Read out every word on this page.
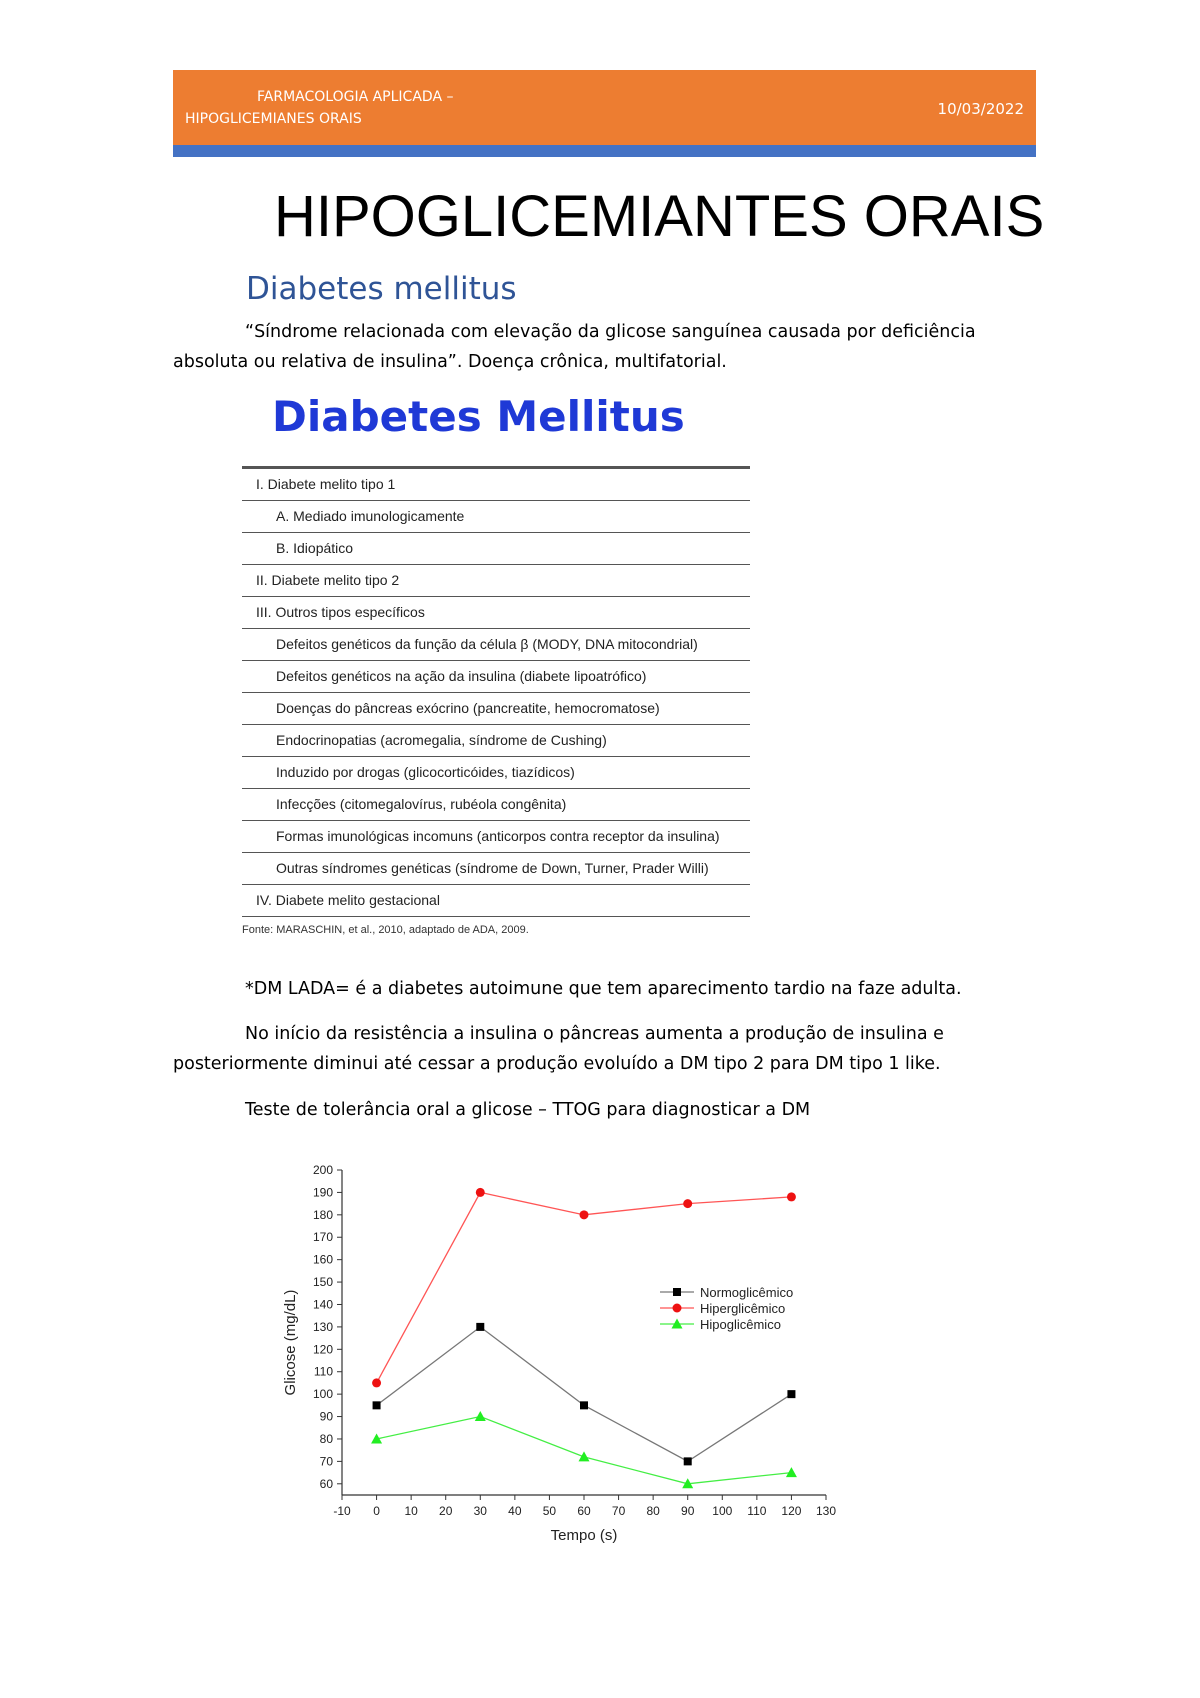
FARMACOLOGIA APLICADA –
HIPOGLICEMIANES ORAIS
10/03/2022
HIPOGLICEMIANTES ORAIS
Diabetes mellitus
“Síndrome relacionada com elevação da glicose sanguínea causada por deficiência
absoluta ou relativa de insulina”. Doença crônica, multifatorial.
Diabetes Mellitus
I. Diabete melito tipo 1
A. Mediado imunologicamente
B. Idiopático
II. Diabete melito tipo 2
III. Outros tipos específicos
Defeitos genéticos da função da célula β (MODY, DNA mitocondrial)
Defeitos genéticos na ação da insulina (diabete lipoatrófico)
Doenças do pâncreas exócrino (pancreatite, hemocromatose)
Endocrinopatias (acromegalia, síndrome de Cushing)
Induzido por drogas (glicocorticóides, tiazídicos)
Infecções (citomegalovírus, rubéola congênita)
Formas imunológicas incomuns (anticorpos contra receptor da insulina)
Outras síndromes genéticas (síndrome de Down, Turner, Prader Willi)
IV. Diabete melito gestacional
Fonte: MARASCHIN, et al., 2010, adaptado de ADA, 2009.
*DM LADA= é a diabetes autoimune que tem aparecimento tardio na faze adulta.
No início da resistência a insulina o pâncreas aumenta a produção de insulina e
posteriormente diminui até cessar a produção evoluído a DM tipo 2 para DM tipo 1 like.
Teste de tolerância oral a glicose – TTOG para diagnosticar a DM
-10 0 10 20 30 40 50 60 70 80 90 100 110 120 130
60
70
80
90
100
110
120
130
140
150
160
170
180
190
200
Tempo (s)
Glicose (mg/dL)	Normoglicêmico
Hiperglicêmico
Hipoglicêmico
